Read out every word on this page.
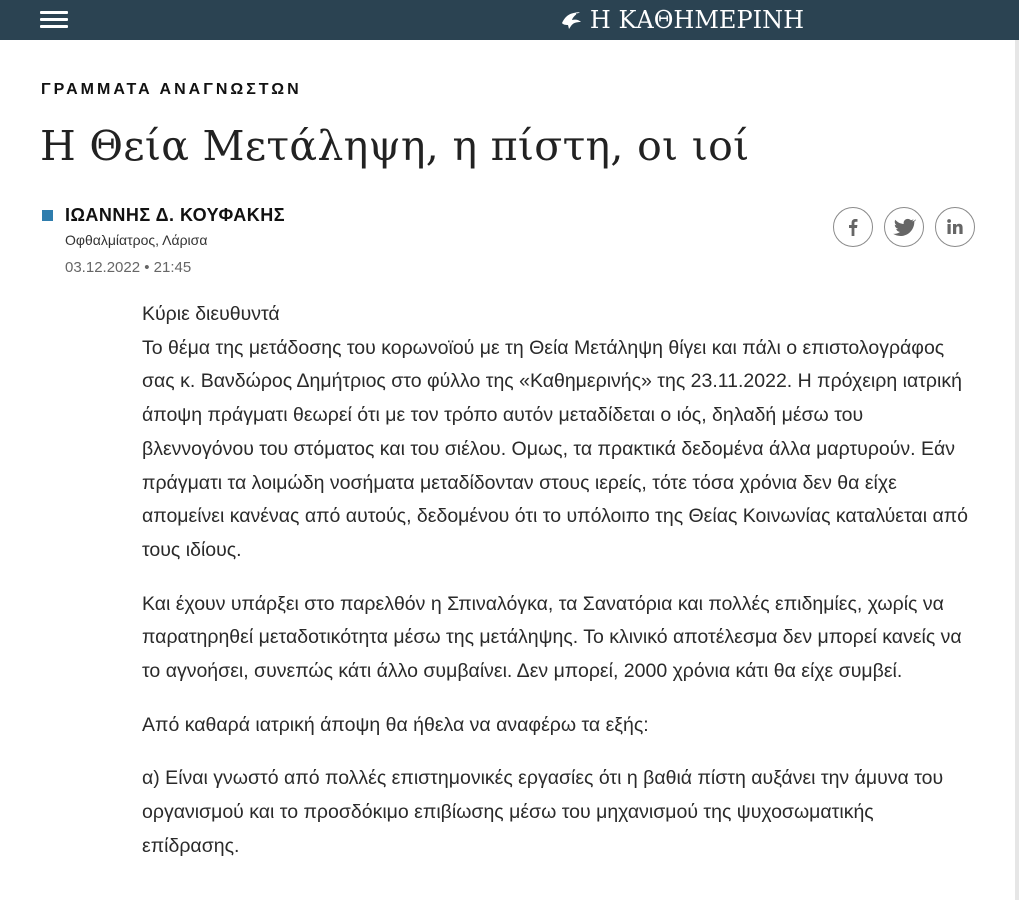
Η ΚΑΘΗΜΕΡΙΝΗ
ΓΡΑΜΜΑΤΑ ΑΝΑΓΝΩΣΤΩΝ
Η Θεία Μετάληψη, η πίστη, οι ιοί
ΙΩΑΝΝΗΣ Δ. ΚΟΥΦΑΚΗΣ
Οφθαλμίατρος, Λάρισα
03.12.2022 • 21:45

Κύριε διευθυντά

Το θέμα της μετάδοσης του κορωνοϊού με τη Θεία Μετάληψη θίγει και πάλι ο επιστολογράφος σας κ. Βανδώρος Δημήτριος στο φύλλο της «Καθημερινής» της 23.11.2022. Η πρόχειρη ιατρική άποψη πράγματι θεωρεί ότι με τον τρόπο αυτόν μεταδίδεται ο ιός, δηλαδή μέσω του βλεννογόνου του στόματος και του σιέλου. Ομως, τα πρακτικά δεδομένα άλλα μαρτυρούν. Εάν πράγματι τα λοιμώδη νοσήματα μεταδίδονταν στους ιερείς, τότε τόσα χρόνια δεν θα είχε απομείνει κανένας από αυτούς, δεδομένου ότι το υπόλοιπο της Θείας Κοινωνίας καταλύεται από τους ιδίους.

Και έχουν υπάρξει στο παρελθόν η Σπιναλόγκα, τα Σανατόρια και πολλές επιδημίες, χωρίς να παρατηρηθεί μεταδοτικότητα μέσω της μετάληψης. Το κλινικό αποτέλεσμα δεν μπορεί κανείς να το αγνοήσει, συνεπώς κάτι άλλο συμβαίνει. Δεν μπορεί, 2000 χρόνια κάτι θα είχε συμβεί.

Από καθαρά ιατρική άποψη θα ήθελα να αναφέρω τα εξής:

α) Είναι γνωστό από πολλές επιστημονικές εργασίες ότι η βαθιά πίστη αυξάνει την άμυνα του οργανισμού και το προσδόκιμο επιβίωσης μέσω του μηχανισμού της ψυχοσωματικής επίδρασης.
